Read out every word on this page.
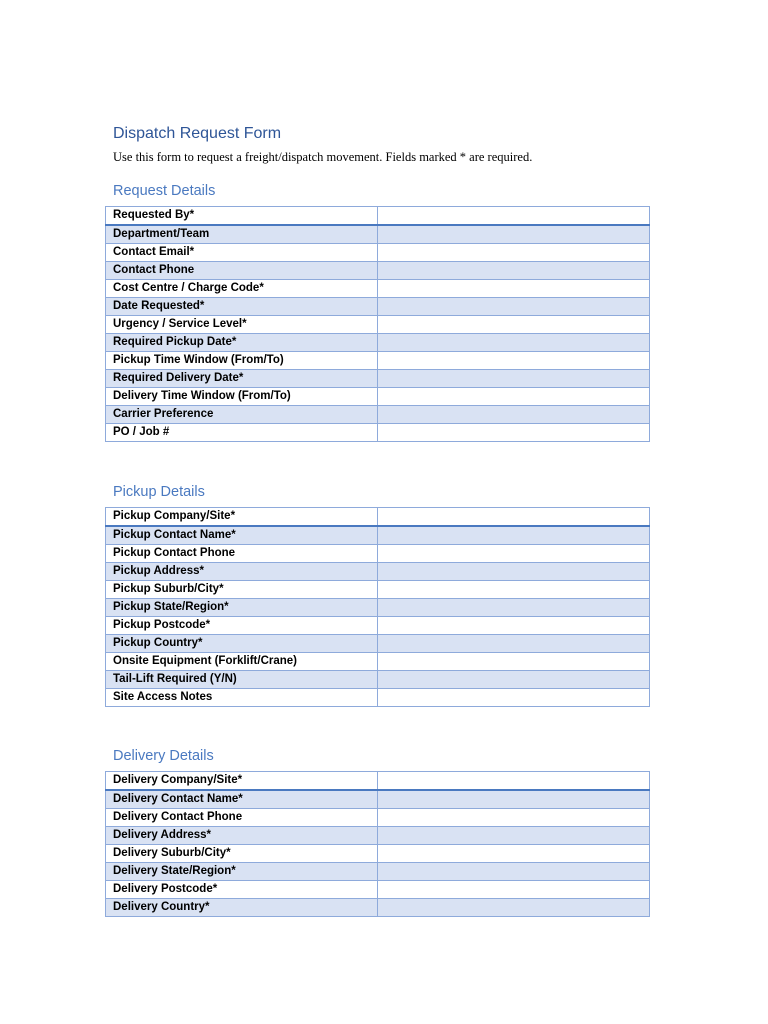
Dispatch Request Form

Use this form to request a freight/dispatch movement. Fields marked * are required.

Request Details
Requested By*	
Department/Team	
Contact Email*	
Contact Phone	
Cost Centre / Charge Code*	
Date Requested*	
Urgency / Service Level*	
Required Pickup Date*	
Pickup Time Window (From/To)	
Required Delivery Date*	
Delivery Time Window (From/To)	
Carrier Preference	
PO / Job #	
Pickup Details
Pickup Company/Site*	
Pickup Contact Name*	
Pickup Contact Phone	
Pickup Address*	
Pickup Suburb/City*	
Pickup State/Region*	
Pickup Postcode*	
Pickup Country*	
Onsite Equipment (Forklift/Crane)	
Tail-Lift Required (Y/N)	
Site Access Notes	
Delivery Details
Delivery Company/Site*	
Delivery Contact Name*	
Delivery Contact Phone	
Delivery Address*	
Delivery Suburb/City*	
Delivery State/Region*	
Delivery Postcode*	
Delivery Country*	
